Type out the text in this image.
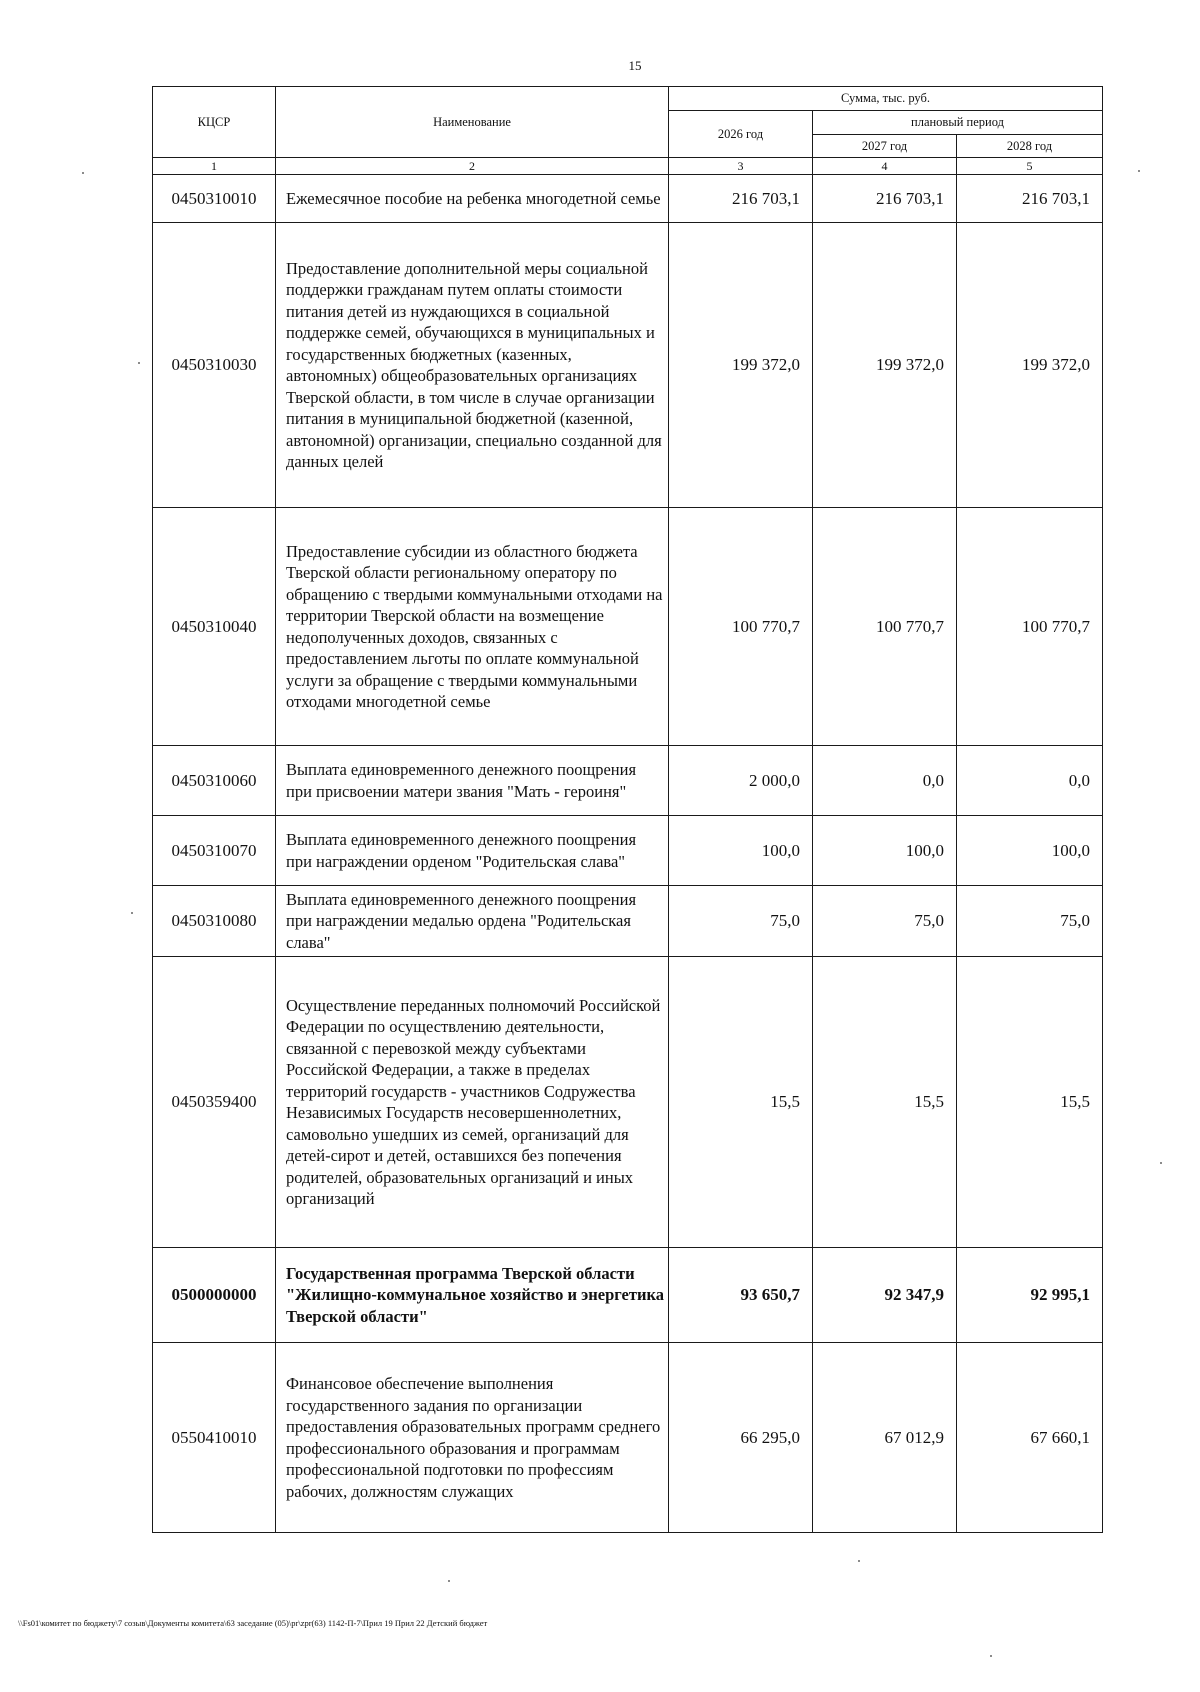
15
КЦСР	Наименование	Сумма, тыс. руб.		
		2026 год	плановый период	
			2027 год	2028 год
1	2	3	4	5
0450310010	Ежемесячное пособие на ребенка многодетной семье	216 703,1	216 703,1	216 703,1
0450310030	Предоставление дополнительной меры социальной поддержки гражданам путем оплаты стоимости питания детей из нуждающихся в социальной поддержке семей, обучающихся в муниципальных и государственных бюджетных (казенных, автономных) общеобразовательных организациях Тверской области, в том числе в случае организации питания в муниципальной бюджетной (казенной, автономной) организации, специально созданной для данных целей	199 372,0	199 372,0	199 372,0
0450310040	Предоставление субсидии из областного бюджета Тверской области региональному оператору по обращению с твердыми коммунальными отходами на территории Тверской области на возмещение недополученных доходов, связанных с предоставлением льготы по оплате коммунальной услуги за обращение с твердыми коммунальными отходами многодетной семье	100 770,7	100 770,7	100 770,7
0450310060	Выплата единовременного денежного поощрения при присвоении матери звания "Мать - героиня"	2 000,0	0,0	0,0
0450310070	Выплата единовременного денежного поощрения при награждении орденом "Родительская слава"	100,0	100,0	100,0
0450310080	Выплата единовременного денежного поощрения при награждении медалью ордена "Родительская слава"	75,0	75,0	75,0
0450359400	Осуществление переданных полномочий Российской Федерации по осуществлению деятельности, связанной с перевозкой между субъектами Российской Федерации, а также в пределах территорий государств - участников Содружества Независимых Государств несовершеннолетних, самовольно ушедших из семей, организаций для детей-сирот и детей, оставшихся без попечения родителей, образовательных организаций и иных организаций	15,5	15,5	15,5
0500000000	Государственная программа Тверской области "Жилищно-коммунальное хозяйство и энергетика Тверской области"	93 650,7	92 347,9	92 995,1
0550410010	Финансовое обеспечение выполнения государственного задания по организации предоставления образовательных программ среднего профессионального образования и программам профессиональной подготовки по профессиям рабочих, должностям служащих	66 295,0	67 012,9	67 660,1
\\Fs01\комитет по бюджету\7 созыв\Документы комитета\63 заседание (05)\pr\zpr(63) 1142-П-7\Прил 19 Прил 22 Детский бюджет
